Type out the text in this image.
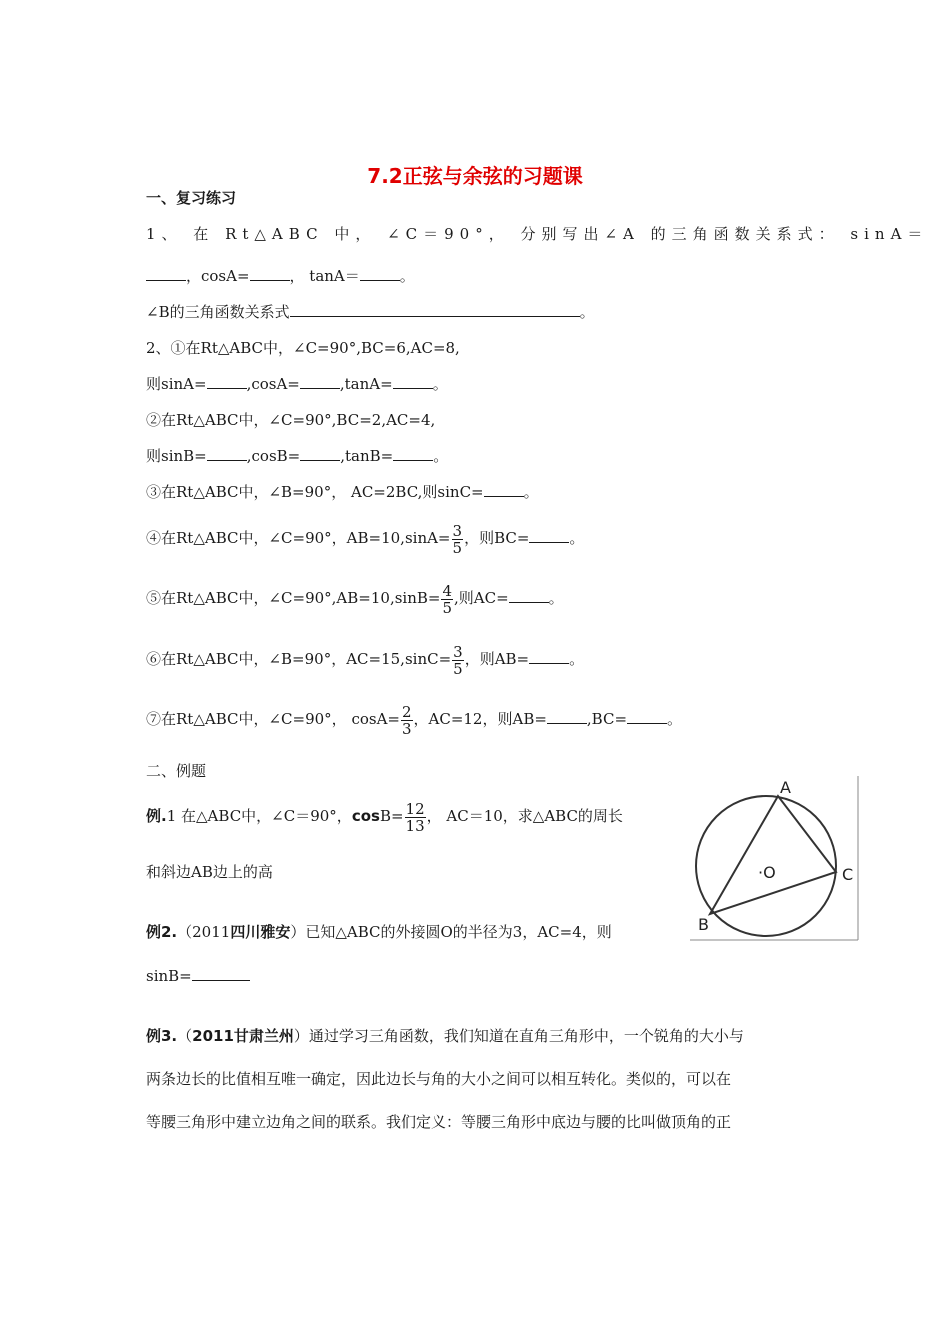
7.2正弦与余弦的习题课
一、复习练习
1、 在 Rt△ABC 中， ∠C＝90°， 分别写出∠A 的三角函数关系式： sinA＝
，cosA=	， tanA＝	。
∠B的三角函数关系式	。
2、①在Rt△ABC中，∠C=90°,BC=6,AC=8,
则sinA=	,cosA=	,tanA=	。
②在Rt△ABC中，∠C=90°,BC=2,AC=4,
则sinB=	,cosB=	,tanB=	。
③在Rt△ABC中，∠B=90°， AC=2BC,则sinC=	。
④在Rt△ABC中，∠C=90°，$AB=10,\sin A= \frac{3}{5}$ ，则BC=	。
⑤在Rt△ABC中，∠C=90°,AB=10,sinB= $\frac{4}{5}$ ,则AC=	。
⑥在Rt△ABC中，∠B=90°，$AC=15,\sin C= \frac{3}{5}$ ，则AB=	。
⑦在Rt△ABC中，∠C=90°， $\cos A= \frac{2}{3}$ ，AC=12，则AB=	,BC=	。
二、例题
例.1 在△ABC中，∠C＝90°，$\cos B= \frac{12}{13}$ ， AC＝10，求△ABC的周长
和斜边AB边上的高
例2.（2011四川雅安）已知△ABC的外接圆O的半径为3，AC=4，则
sinB=
例3.（2011甘肃兰州）通过学习三角函数，我们知道在直角三角形中，一个锐角的大小与
两条边长的比值相互唯一确定，因此边长与角的大小之间可以相互转化。类似的，可以在
等腰三角形中建立边角之间的联系。我们定义：等腰三角形中底边与腰的比叫做顶角的正
A
B
C
·O
